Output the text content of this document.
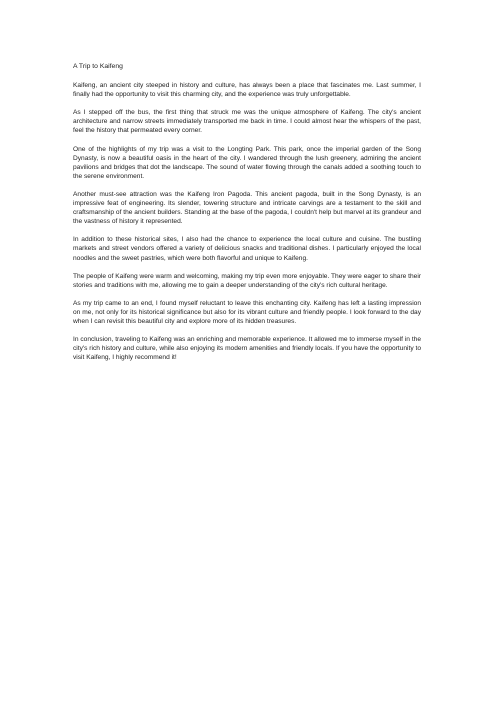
A Trip to Kaifeng

Kaifeng, an ancient city steeped in history and culture, has always been a place that fascinates me. Last summer, I finally had the opportunity to visit this charming city, and the experience was truly unforgettable.

As I stepped off the bus, the first thing that struck me was the unique atmosphere of Kaifeng. The city's ancient architecture and narrow streets immediately transported me back in time. I could almost hear the whispers of the past, feel the history that permeated every corner.

One of the highlights of my trip was a visit to the Longting Park. This park, once the imperial garden of the Song Dynasty, is now a beautiful oasis in the heart of the city. I wandered through the lush greenery, admiring the ancient pavilions and bridges that dot the landscape. The sound of water flowing through the canals added a soothing touch to the serene environment.

Another must-see attraction was the Kaifeng Iron Pagoda. This ancient pagoda, built in the Song Dynasty, is an impressive feat of engineering. Its slender, towering structure and intricate carvings are a testament to the skill and craftsmanship of the ancient builders. Standing at the base of the pagoda, I couldn't help but marvel at its grandeur and the vastness of history it represented.

In addition to these historical sites, I also had the chance to experience the local culture and cuisine. The bustling markets and street vendors offered a variety of delicious snacks and traditional dishes. I particularly enjoyed the local noodles and the sweet pastries, which were both flavorful and unique to Kaifeng.

The people of Kaifeng were warm and welcoming, making my trip even more enjoyable. They were eager to share their stories and traditions with me, allowing me to gain a deeper understanding of the city's rich cultural heritage.

As my trip came to an end, I found myself reluctant to leave this enchanting city. Kaifeng has left a lasting impression on me, not only for its historical significance but also for its vibrant culture and friendly people. I look forward to the day when I can revisit this beautiful city and explore more of its hidden treasures.

In conclusion, traveling to Kaifeng was an enriching and memorable experience. It allowed me to immerse myself in the city's rich history and culture, while also enjoying its modern amenities and friendly locals. If you have the opportunity to visit Kaifeng, I highly recommend it!
